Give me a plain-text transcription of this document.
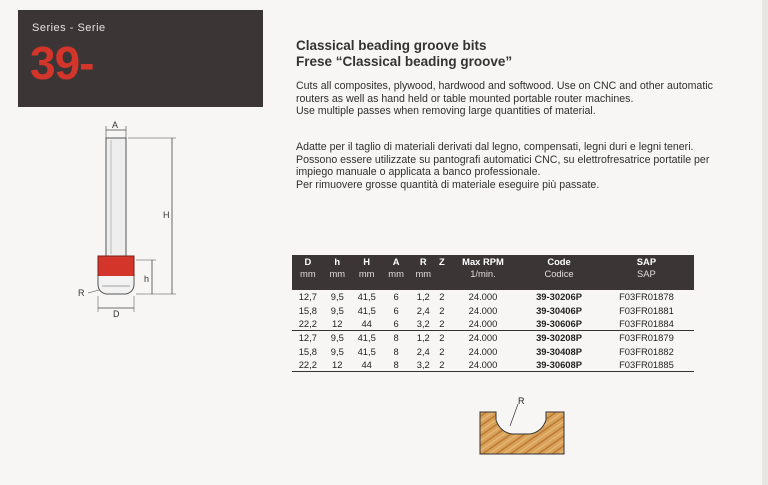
Series - Serie
39-	Classical beading groove bits
Frese “Classical beading groove”
Cuts all composites, plywood, hardwood and softwood. Use on CNC and other automatic routers as well as hand held or table mounted portable router machines.
Use multiple passes when removing large quantities of material.
Adatte per il taglio di materiali derivati dal legno, compensati, legni duri e legni teneri. Possono essere utilizzate su pantografi automatici CNC, su elettrofresatrice portatile per impiego manuale o applicata a banco professionale.
Per rimuovere grosse quantità di materiale eseguire più passate.
A
H
h
D
R
D	h	H	A	R	Z	Max RPM	Code	SAP
mm	mm	mm	mm	mm		1/min.	Codice	SAP
12,7	9,5	41,5	6	1,2	2	24.000	39-30206P	F03FR01878
15,8	9,5	41,5	6	2,4	2	24.000	39-30406P	F03FR01881
22,2	12	44	6	3,2	2	24.000	39-30606P	F03FR01884
12,7	9,5	41,5	8	1,2	2	24.000	39-30208P	F03FR01879
15,8	9,5	41,5	8	2,4	2	24.000	39-30408P	F03FR01882
22,2	12	44	8	3,2	2	24.000	39-30608P	F03FR01885
R
